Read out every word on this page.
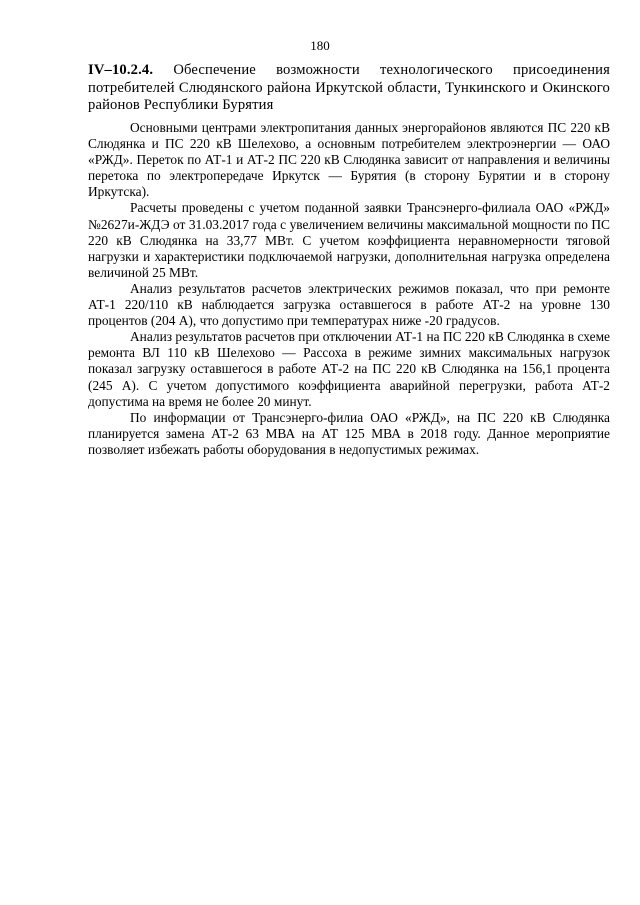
180
IV–10.2.4. Обеспечение возможности технологического присоединения потребителей Слюдянского района Иркутской области, Тункинского и Окинского районов Республики Бурятия

Основными центрами электропитания данных энергорайонов являются ПС 220 кВ Слюдянка и ПС 220 кВ Шелехово, а основным потребителем электроэнергии — ОАО «РЖД». Переток по АТ-1 и АТ-2 ПС 220 кВ Слюдянка зависит от направления и величины перетока по электропередаче Иркутск — Бурятия (в сторону Бурятии и в сторону Иркутска).

Расчеты проведены с учетом поданной заявки Трансэнерго-филиала ОАО «РЖД» №2627и-ЖДЭ от 31.03.2017 года с увеличением величины максимальной мощности по ПС 220 кВ Слюдянка на 33,77 МВт. С учетом коэффициента неравномерности тяговой нагрузки и характеристики подключаемой нагрузки, дополнительная нагрузка определена величиной 25 МВт.

Анализ результатов расчетов электрических режимов показал, что при ремонте АТ-1 220/110 кВ наблюдается загрузка оставшегося в работе АТ-2 на уровне 130 процентов (204 А), что допустимо при температурах ниже -20 градусов.

Анализ результатов расчетов при отключении АТ-1 на ПС 220 кВ Слюдянка в схеме ремонта ВЛ 110 кВ Шелехово — Рассоха в режиме зимних максимальных нагрузок показал загрузку оставшегося в работе АТ-2 на ПС 220 кВ Слюдянка на 156,1 процента (245 А). С учетом допустимого коэффициента аварийной перегрузки, работа АТ-2 допустима на время не более 20 минут.

По информации от Трансэнерго-филиа ОАО «РЖД», на ПС 220 кВ Слюдянка планируется замена АТ-2 63 МВА на АТ 125 МВА в 2018 году. Данное мероприятие позволяет избежать работы оборудования в недопустимых режимах.
